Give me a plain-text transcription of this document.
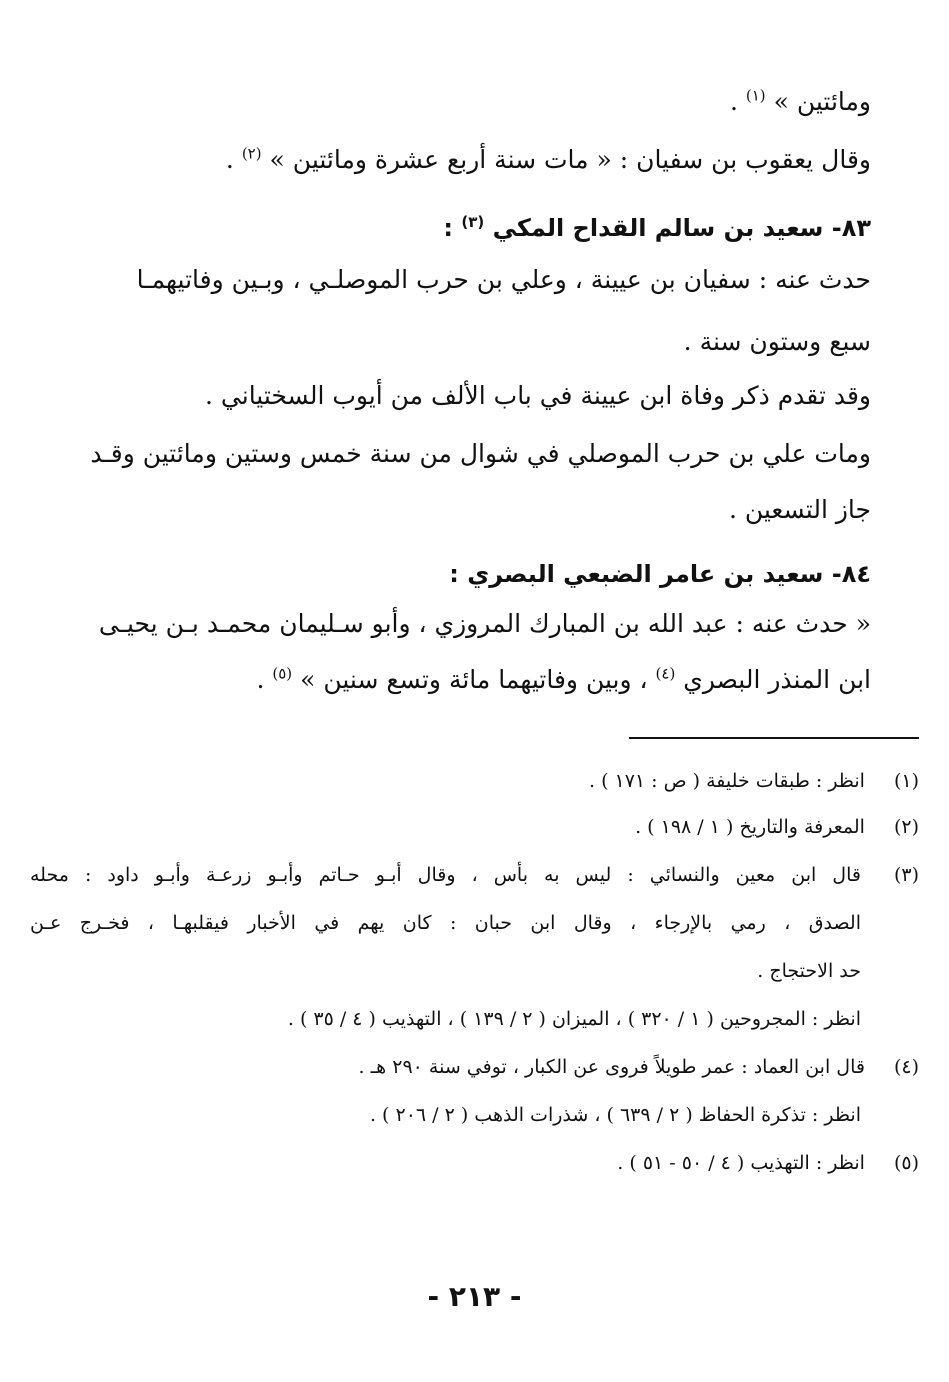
ومائتين » $^{(١)}$ .
وقال يعقوب بن سفيان : « مات سنة أربع عشرة ومائتين » $^{(٢)}$ .
٨٣- سعيد بن سالم القداح المكي $^{(٣)}$ :
حدث عنه : سفيان بن عيينة ، وعلي بن حرب الموصلـي ، وبـين وفاتيهمـا
سبع وستون سنة .
وقد تقدم ذكر وفاة ابن عيينة في باب الألف من أيوب السختياني .
ومات علي بن حرب الموصلي في شوال من سنة خمس وستين ومائتين وقـد
جاز التسعين .
٨٤- سعيد بن عامر الضبعي البصري :
« حدث عنه : عبد الله بن المبارك المروزي ، وأبو سـليمان محمـد بـن يحيـى
ابن المنذر البصري $^{(٤)}$ ، وبين وفاتيهما مائة وتسع سنين » $^{(٥)}$ .
(١) انظر : طبقات خليفة ( ص : ١٧١ ) .
(٢) المعرفة والتاريخ ( ١ / ١٩٨ ) .
(٣)
قال ابن معين والنسائي : ليس به بأس ، وقال أبـو حـاتم وأبـو زرعـة وأبـو داود : محله
الصدق ، رمي بالإرجاء ، وقال ابن حبان : كان يهم في الأخبار فيقلبهـا ، فخـرج عـن
حد الاحتجاج .
انظر : المجروحين ( ١ / ٣٢٠ ) ، الميزان ( ٢ / ١٣٩ ) ، التهذيب ( ٤ / ٣٥ ) .
(٤) قال ابن العماد : عمر طويلاً فروى عن الكبار ، توفي سنة ٢٩٠ هـ .
انظر : تذكرة الحفاظ ( ٢ / ٦٣٩ ) ، شذرات الذهب ( ٢ / ٢٠٦ ) .
(٥) انظر : التهذيب ( ٤ / ٥٠ - ٥١ ) .
- ٢١٣ -
